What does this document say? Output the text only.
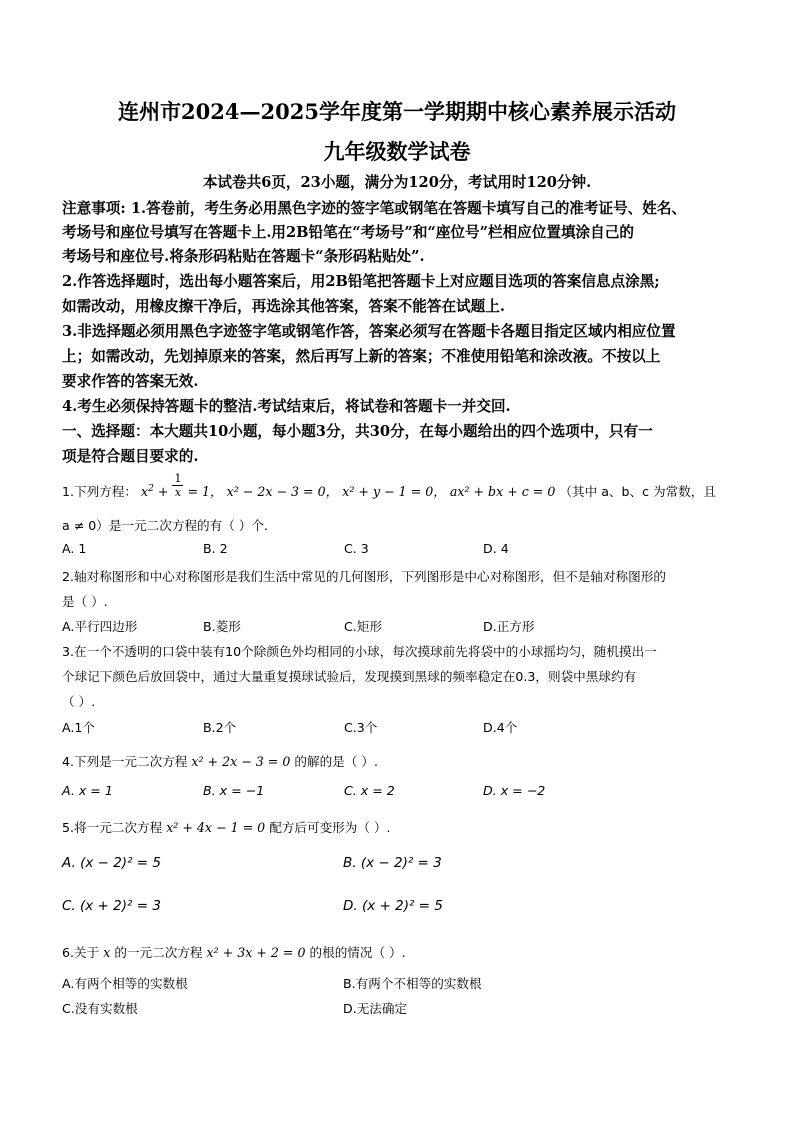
连州市2024—2025学年度第一学期期中核心素养展示活动
九年级数学试卷
本试卷共6页，23小题，满分为120分，考试用时120分钟.
注意事项: 1.答卷前，考生务必用黑色字迹的签字笔或钢笔在答题卡填写自己的准考证号、姓名、
考场号和座位号填写在答题卡上.用2B铅笔在“考场号”和“座位号”栏相应位置填涂自己的
考场号和座位号.将条形码粘贴在答题卡“条形码粘贴处”.
2.作答选择题时，选出每小题答案后，用2B铅笔把答题卡上对应题目选项的答案信息点涂黑;
如需改动，用橡皮擦干净后，再选涂其他答案，答案不能答在试题上.
3.非选择题必须用黑色字迹签字笔或钢笔作答，答案必须写在答题卡各题目指定区域内相应位置
上；如需改动，先划掉原来的答案，然后再写上新的答案；不准使用铅笔和涂改液。不按以上
要求作答的答案无效.
4.考生必须保持答题卡的整洁.考试结束后，将试卷和答题卡一并交回.
一、选择题：本大题共10小题，每小题3分，共30分，在每小题给出的四个选项中，只有一
项是符合题目要求的.
1.下列方程： $x^2 + \frac{1}{x} = 1$， x² − 2x − 3 = 0， x² + y − 1 = 0， ax² + bx + c = 0 （其中 a、b、c 为常数，且
a ≠ 0）是一元二次方程的有（ ）个.
A. 1	B. 2	C. 3	D. 4
2.轴对称图形和中心对称图形是我们生活中常见的几何图形，下列图形是中心对称图形，但不是轴对称图形的
是（ ）.
A.平行四边形	B.菱形	C.矩形	D.正方形
3.在一个不透明的口袋中装有10个除颜色外均相同的小球，每次摸球前先将袋中的小球摇均匀，随机摸出一
个球记下颜色后放回袋中，通过大量重复摸球试验后，发现摸到黑球的频率稳定在0.3，则袋中黑球约有
（ ）.
A.1个	B.2个	C.3个	D.4个
4.下列是一元二次方程 x² + 2x − 3 = 0 的解的是（ ）.
A. x = 1	B. x = −1	C. x = 2	D. x = −2
5.将一元二次方程 x² + 4x − 1 = 0 配方后可变形为（ ）.
A. (x − 2)² = 5	B. (x − 2)² = 3
C. (x + 2)² = 3	D. (x + 2)² = 5
6.关于 x 的一元二次方程 x² + 3x + 2 = 0 的根的情况（ ）.
A.有两个相等的实数根	B.有两个不相等的实数根
C.没有实数根	D.无法确定
